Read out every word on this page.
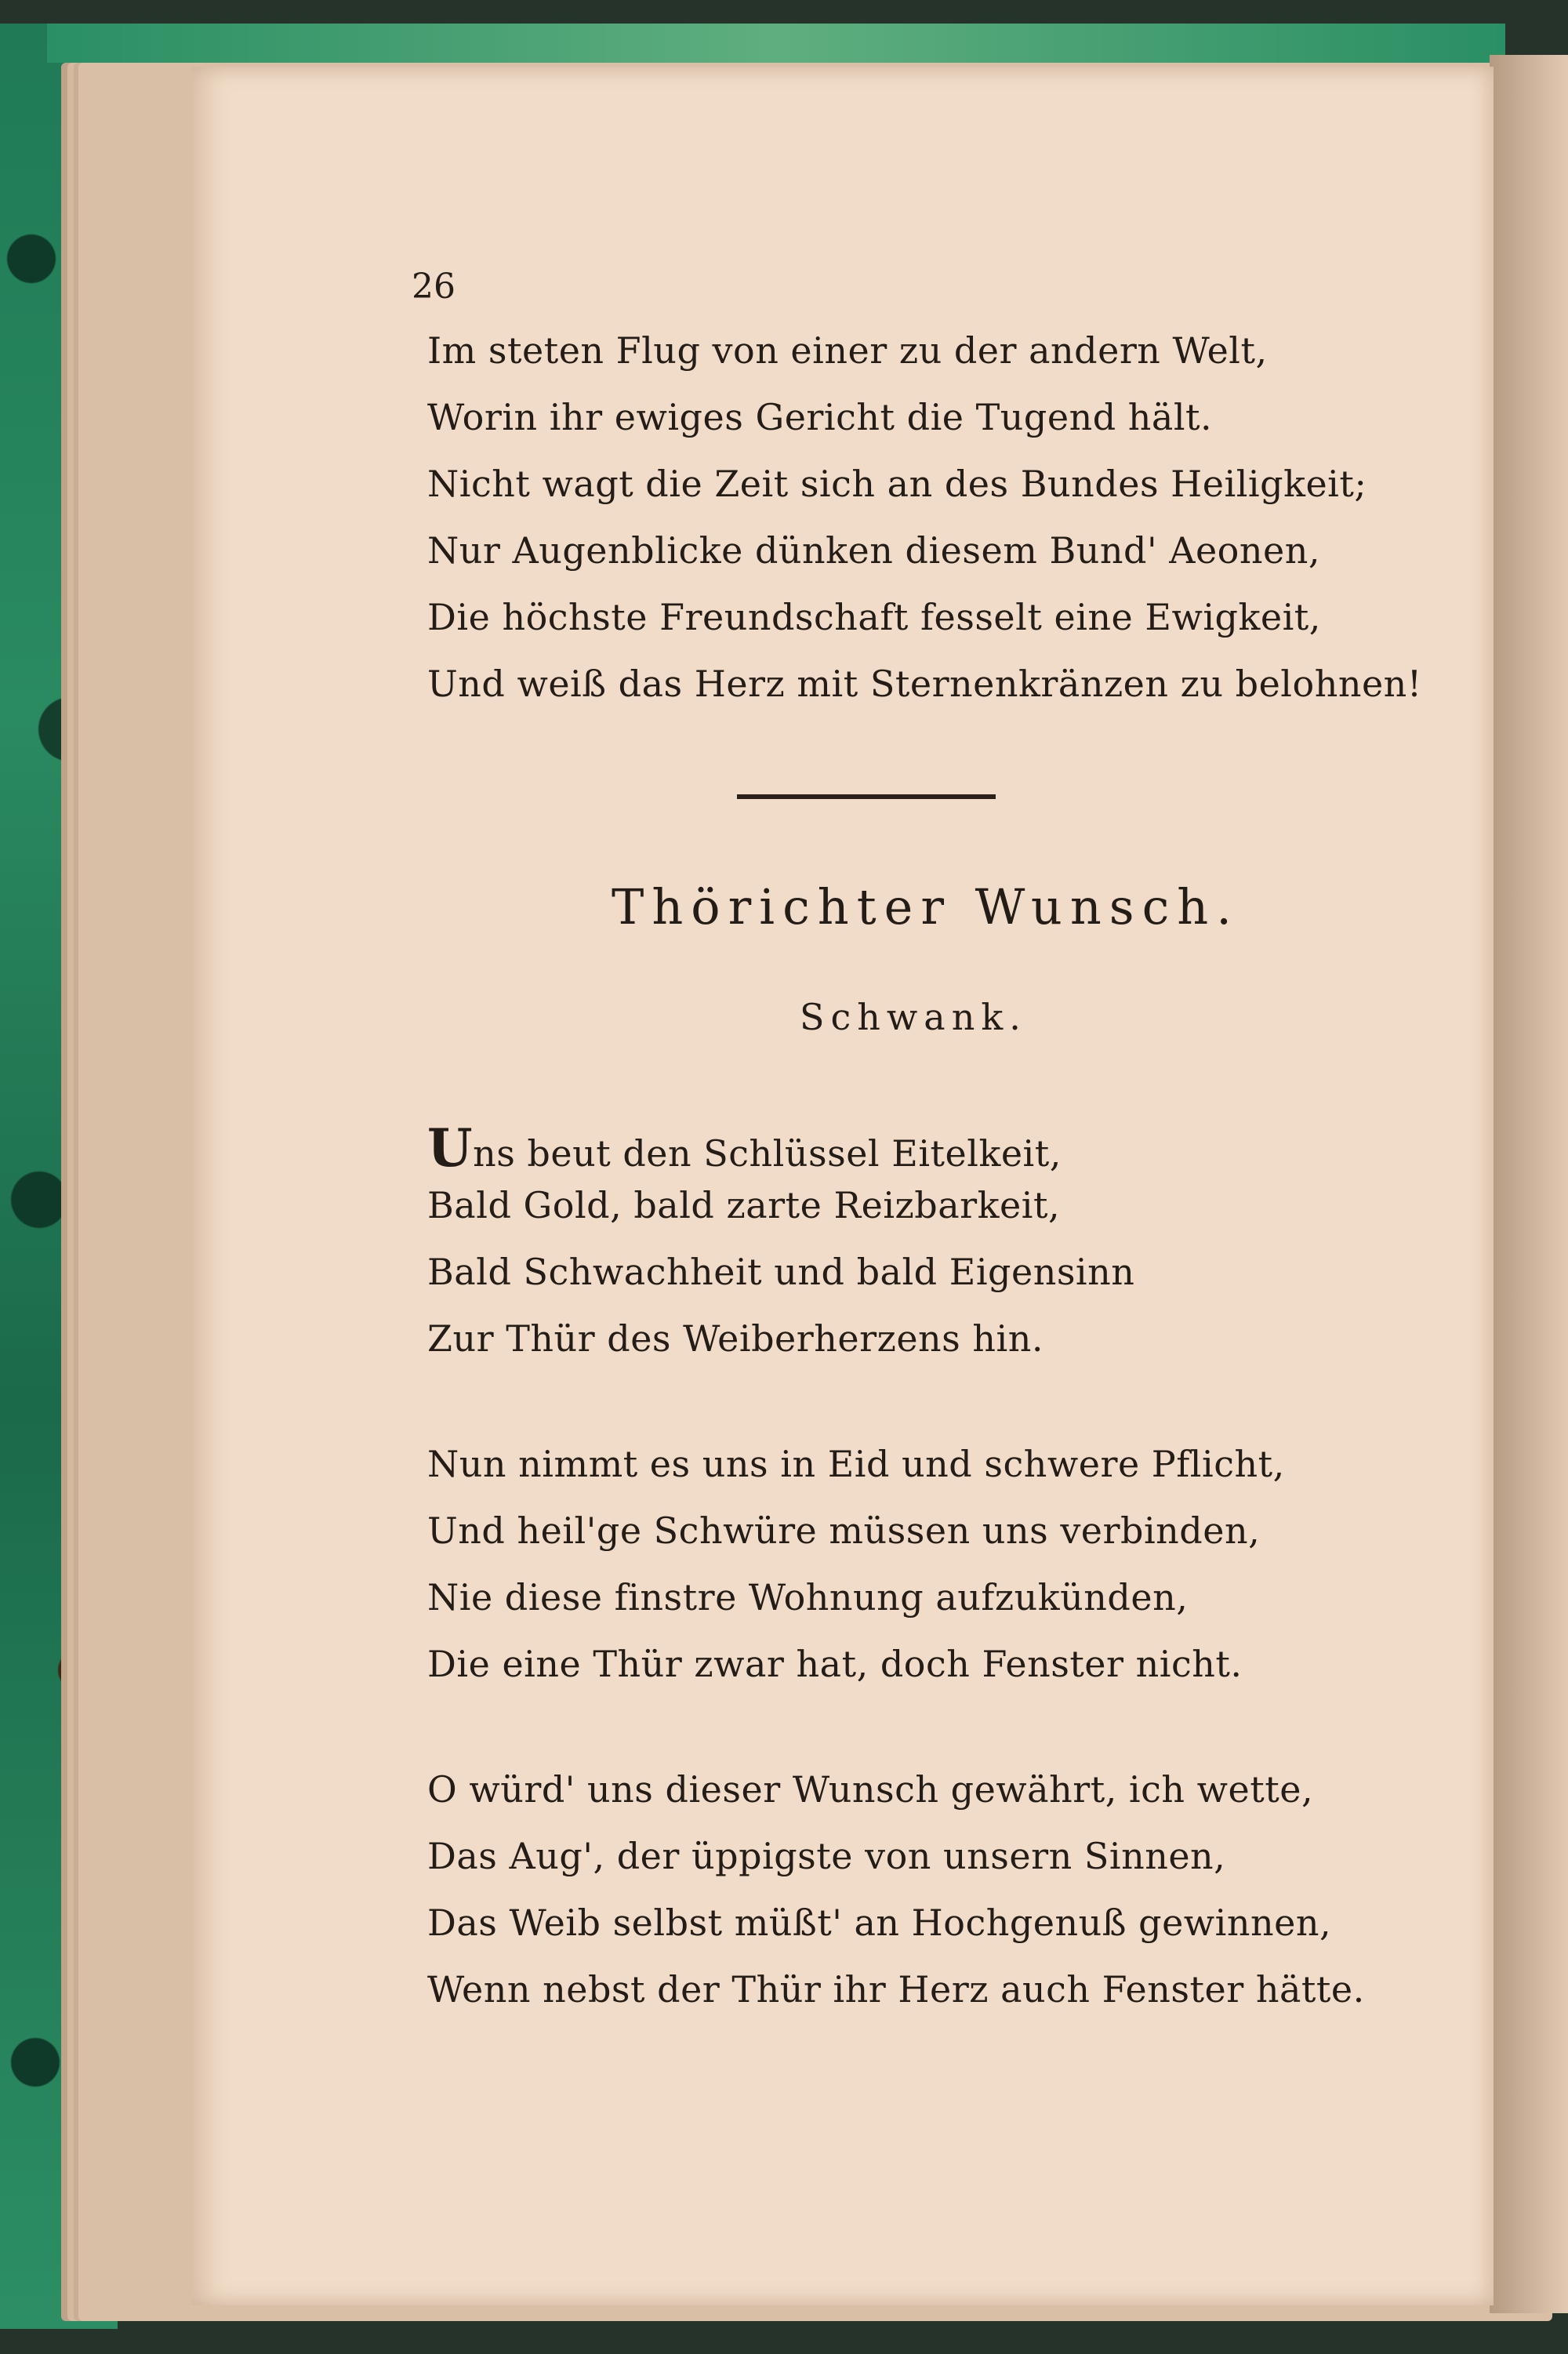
26
Im steten Flug von einer zu der andern Welt,
Worin ihr ewiges Gericht die Tugend hält.
Nicht wagt die Zeit sich an des Bundes Heiligkeit;
Nur Augenblicke dünken diesem Bund' Aeonen,
Die höchste Freundschaft fesselt eine Ewigkeit,
Und weiß das Herz mit Sternenkränzen zu belohnen!
Thörichter Wunsch.
Schwank.
Uns beut den Schlüssel Eitelkeit,
Bald Gold, bald zarte Reizbarkeit,
Bald Schwachheit und bald Eigensinn
Zur Thür des Weiberherzens hin.
Nun nimmt es uns in Eid und schwere Pflicht,
Und heil'ge Schwüre müssen uns verbinden,
Nie diese finstre Wohnung aufzukünden,
Die eine Thür zwar hat, doch Fenster nicht.
O würd' uns dieser Wunsch gewährt, ich wette,
Das Aug', der üppigste von unsern Sinnen,
Das Weib selbst müßt' an Hochgenuß gewinnen,
Wenn nebst der Thür ihr Herz auch Fenster hätte.
